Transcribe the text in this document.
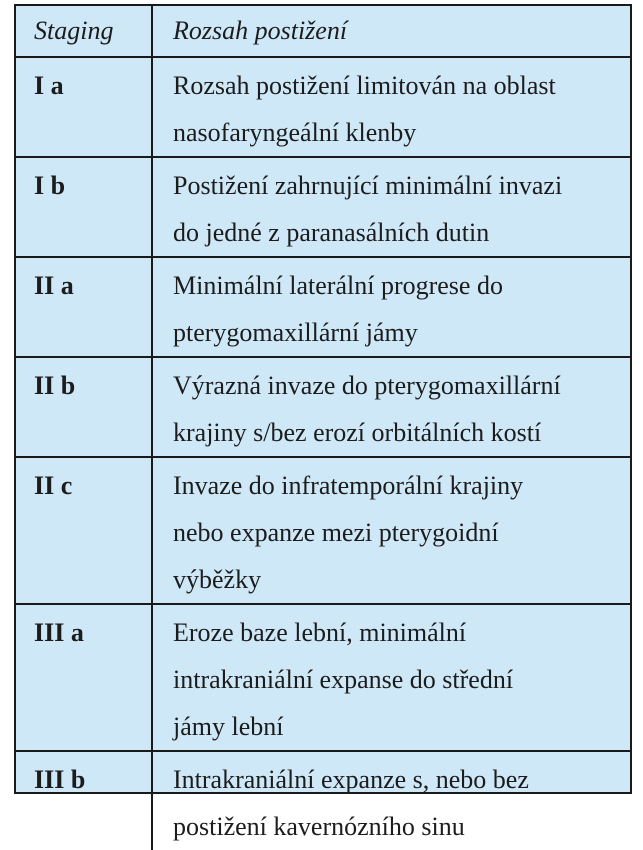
Staging	Rozsah postižení
I a	Rozsah postižení limitován na oblast
nasofaryngeální klenby

I b	Postižení zahrnující minimální invazi
do jedné z paranasálních dutin

II a	Minimální laterální progrese do
pterygomaxillární jámy

II b	Výrazná invaze do pterygomaxillární
krajiny s/bez erozí orbitálních kostí

II c	Invaze do infratemporální krajiny
nebo expanze mezi pterygoidní
výběžky

III a	Eroze baze lební, minimální
intrakraniální expanse do střední
jámy lební

III b	Intrakraniální expanze s, nebo bez
postižení kavernózního sinu
